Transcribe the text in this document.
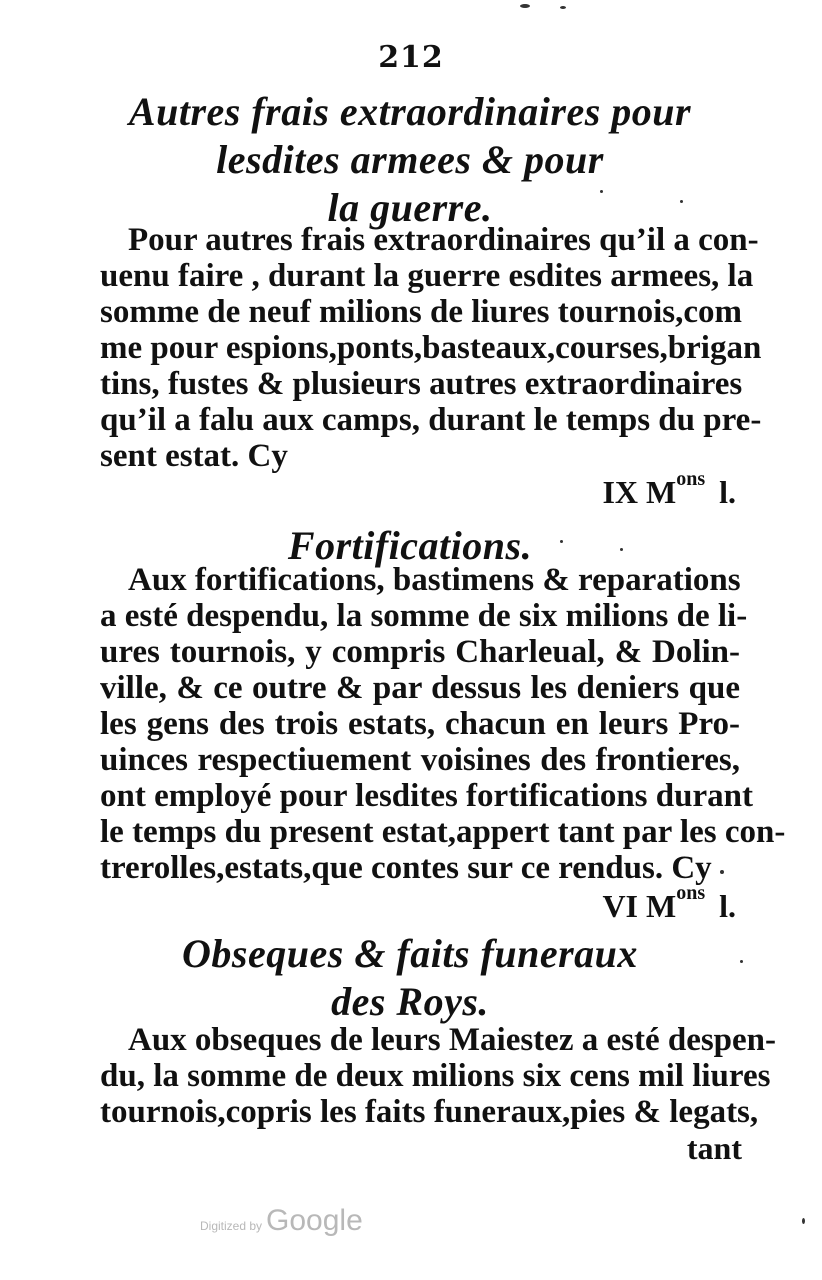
212
Autres frais extraordinaires pour
lesdites armees & pour
la guerre.
Pour autres frais extraordinaires qu’il a con-
uenu faire , durant la guerre esdites armees, la
somme de neuf milions de liures tournois,com
me pour espions,ponts,basteaux,courses,brigan
tins, fustes & plusieurs autres extraordinaires
qu’il a falu aux camps, durant le temps du pre-
sent estat. Cy
IX $M^{ons}$ l.
Fortifications.
Aux fortifications, bastimens & reparations
a esté despendu, la somme de six milions de li-
ures tournois, y compris Charleual, & Dolin-
ville, & ce outre & par dessus les deniers que
les gens des trois estats, chacun en leurs Pro-
uinces respectiuement voisines des frontieres,
ont employé pour lesdites fortifications durant
le temps du present estat,appert tant par les con-
trerolles,estats,que contes sur ce rendus. Cy
VI $M^{ons}$ l.
Obseques & faits funeraux
des Roys.
Aux obseques de leurs Maiestez a esté despen-
du, la somme de deux milions six cens mil liures
tournois,copris les faits funeraux,pies & legats,
tant
Digitized by Google
